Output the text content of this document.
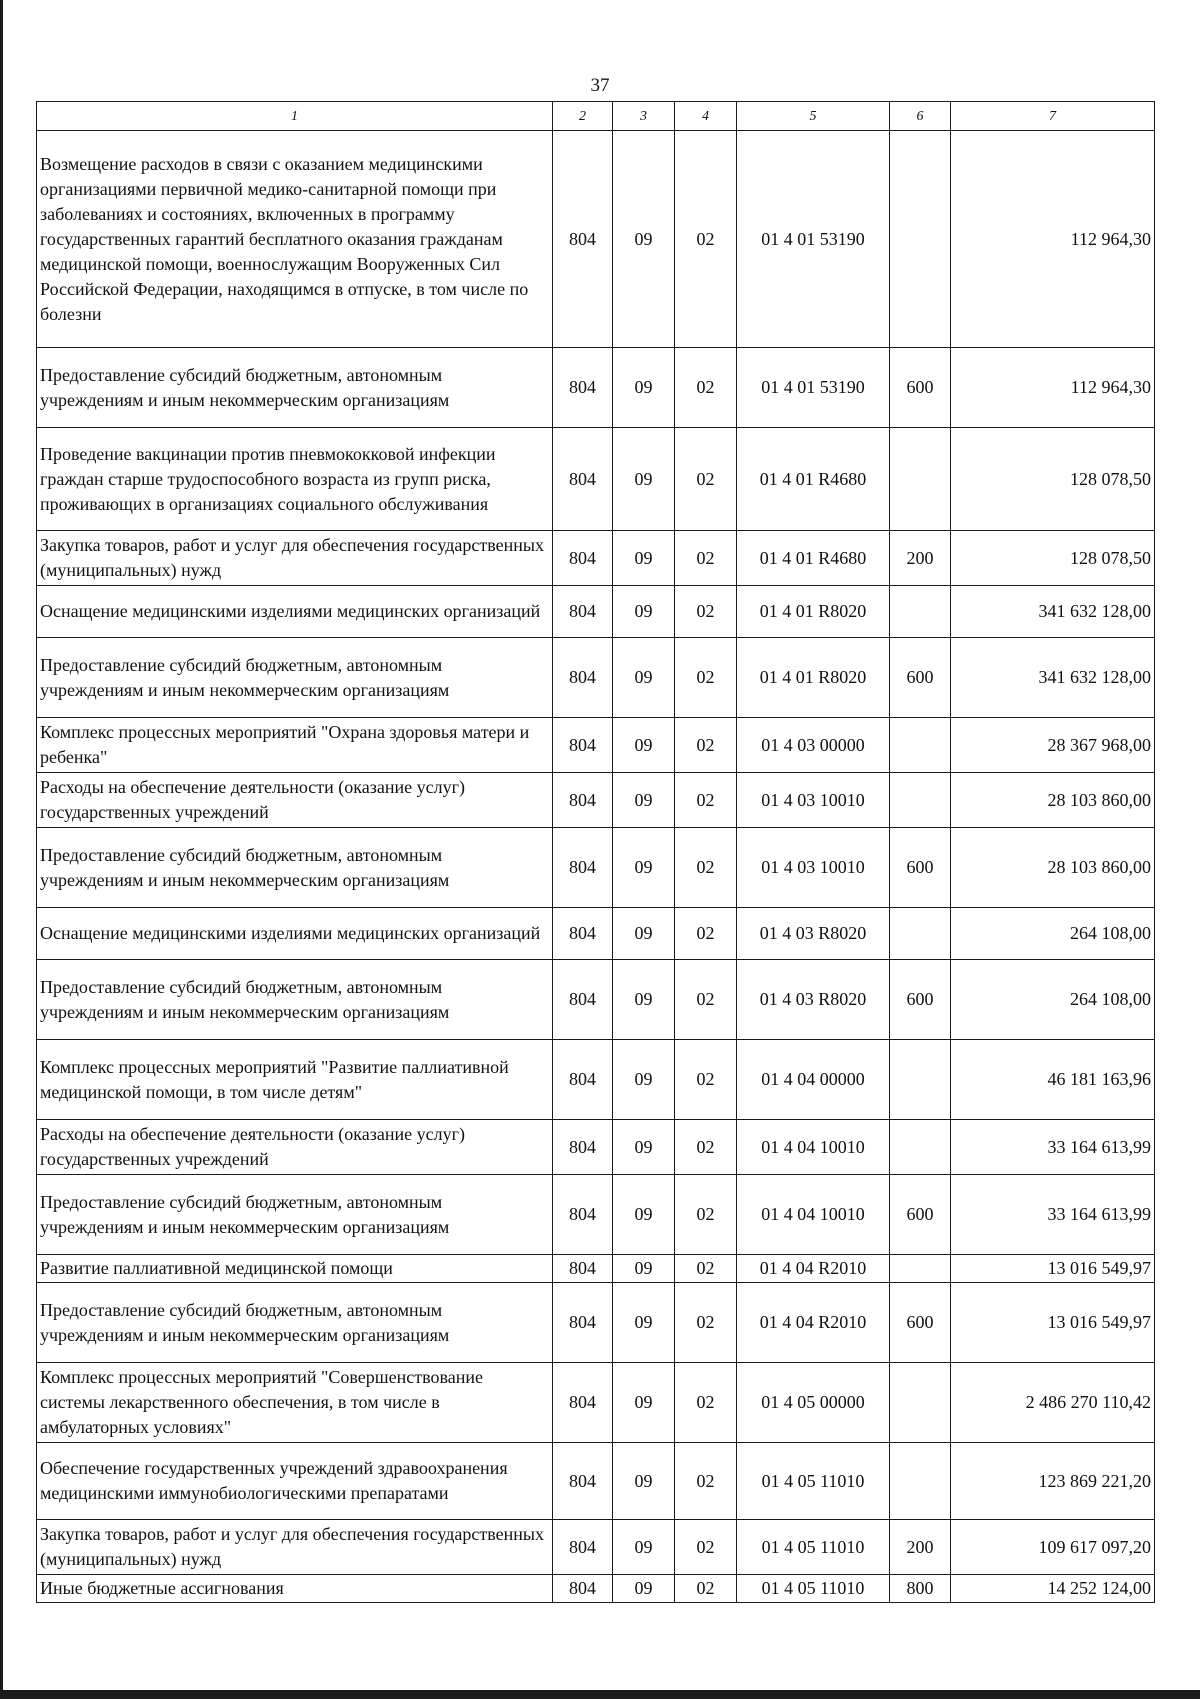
37
1	2	3	4	5	6	7
Возмещение расходов в связи с оказанием медицинскими организациями первичной медико-санитарной помощи при заболеваниях и состояниях, включенных в программу государственных гарантий бесплатного оказания гражданам медицинской помощи, военнослужащим Вооруженных Сил Российской Федерации, находящимся в отпуске, в том числе по болезни	804	09	02	01 4 01 53190		112 964,30
Предоставление субсидий бюджетным, автономным учреждениям и иным некоммерческим организациям	804	09	02	01 4 01 53190	600	112 964,30
Проведение вакцинации против пневмококковой инфекции граждан старше трудоспособного возраста из групп риска, проживающих в организациях социального обслуживания	804	09	02	01 4 01 R4680		128 078,50
Закупка товаров, работ и услуг для обеспечения государственных (муниципальных) нужд	804	09	02	01 4 01 R4680	200	128 078,50
Оснащение медицинскими изделиями медицинских организаций	804	09	02	01 4 01 R8020		341 632 128,00
Предоставление субсидий бюджетным, автономным учреждениям и иным некоммерческим организациям	804	09	02	01 4 01 R8020	600	341 632 128,00
Комплекс процессных мероприятий "Охрана здоровья матери и ребенка"	804	09	02	01 4 03 00000		28 367 968,00
Расходы на обеспечение деятельности (оказание услуг) государственных учреждений	804	09	02	01 4 03 10010		28 103 860,00
Предоставление субсидий бюджетным, автономным учреждениям и иным некоммерческим организациям	804	09	02	01 4 03 10010	600	28 103 860,00
Оснащение медицинскими изделиями медицинских организаций	804	09	02	01 4 03 R8020		264 108,00
Предоставление субсидий бюджетным, автономным учреждениям и иным некоммерческим организациям	804	09	02	01 4 03 R8020	600	264 108,00
Комплекс процессных мероприятий "Развитие паллиативной медицинской помощи, в том числе детям"	804	09	02	01 4 04 00000		46 181 163,96
Расходы на обеспечение деятельности (оказание услуг) государственных учреждений	804	09	02	01 4 04 10010		33 164 613,99
Предоставление субсидий бюджетным, автономным учреждениям и иным некоммерческим организациям	804	09	02	01 4 04 10010	600	33 164 613,99
Развитие паллиативной медицинской помощи	804	09	02	01 4 04 R2010		13 016 549,97
Предоставление субсидий бюджетным, автономным учреждениям и иным некоммерческим организациям	804	09	02	01 4 04 R2010	600	13 016 549,97
Комплекс процессных мероприятий "Совершенствование системы лекарственного обеспечения, в том числе в амбулаторных условиях"	804	09	02	01 4 05 00000		2 486 270 110,42
Обеспечение государственных учреждений здравоохранения медицинскими иммунобиологическими препаратами	804	09	02	01 4 05 11010		123 869 221,20
Закупка товаров, работ и услуг для обеспечения государственных (муниципальных) нужд	804	09	02	01 4 05 11010	200	109 617 097,20
Иные бюджетные ассигнования	804	09	02	01 4 05 11010	800	14 252 124,00
